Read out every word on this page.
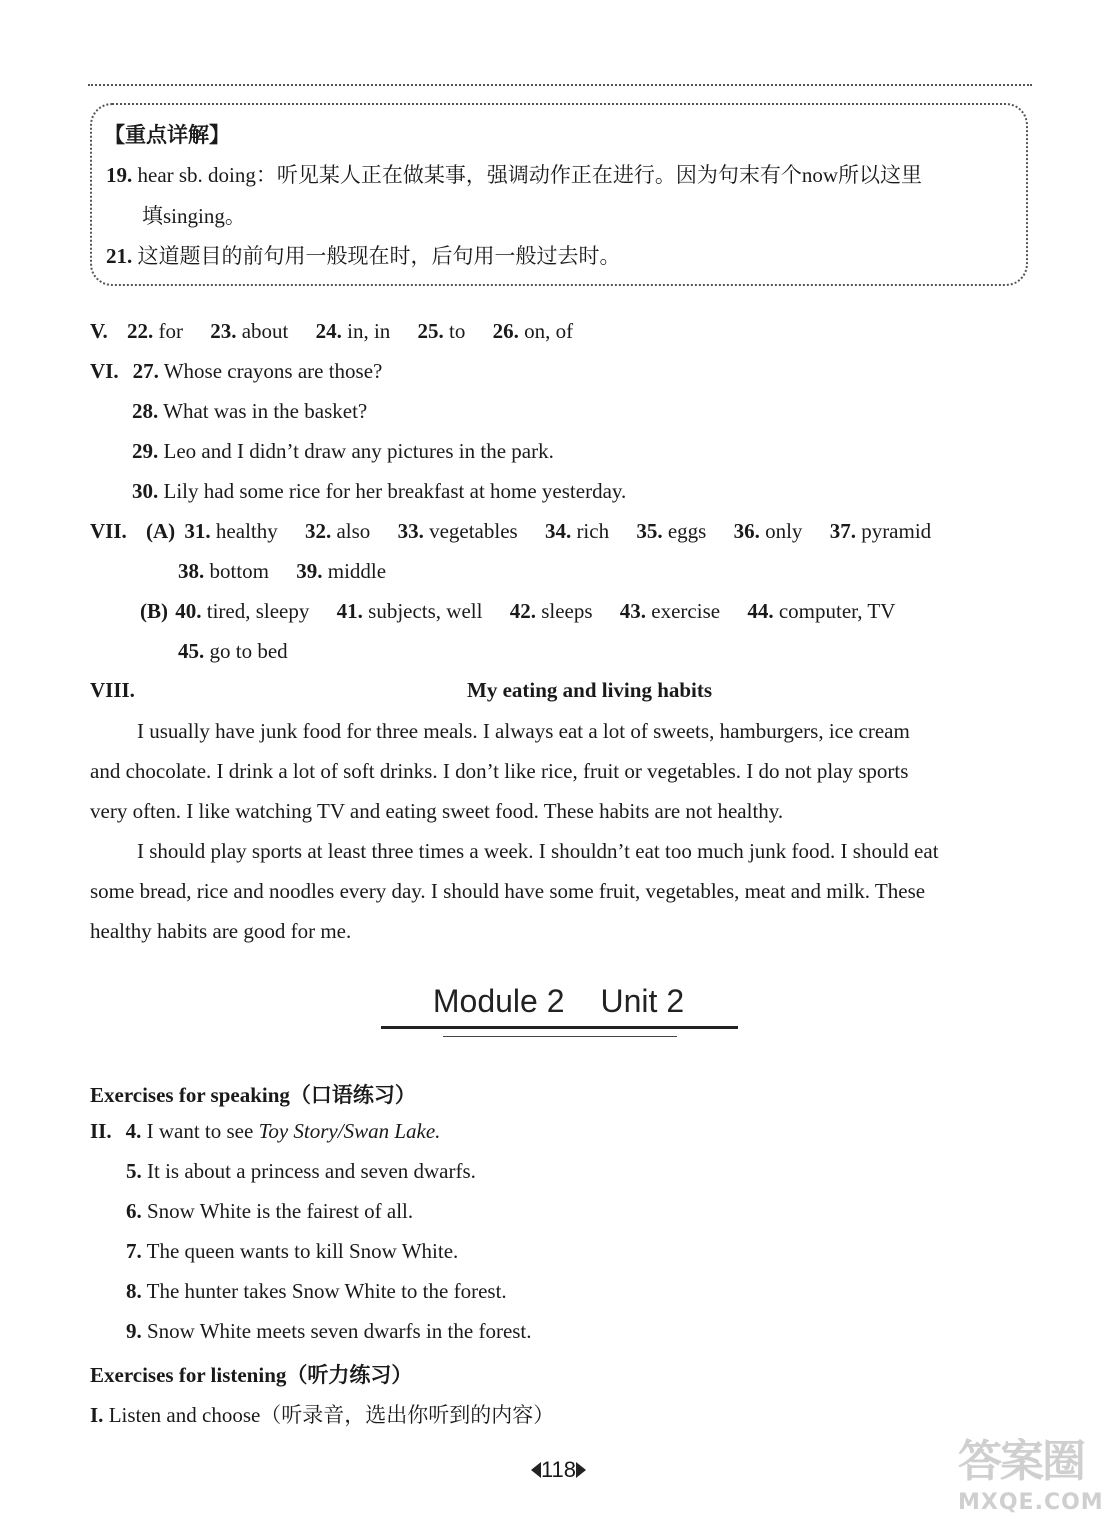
【重点详解】
19. hear sb. doing：听见某人正在做某事，强调动作正在进行。因为句末有个now所以这里
填singing。
21. 这道题目的前句用一般现在时，后句用一般过去时。
V. 22. for 23. about 24. in, in 25. to 26. on, of
VI. 27. Whose crayons are those?
28. What was in the basket?
29. Leo and I didn’t draw any pictures in the park.
30. Lily had some rice for her breakfast at home yesterday.
VII. (A) 31. healthy 32. also 33. vegetables 34. rich 35. eggs 36. only 37. pyramid
38. bottom 39. middle
(B) 40. tired, sleepy 41. subjects, well 42. sleeps 43. exercise 44. computer, TV
45. go to bed
VIII.	My eating and living habits
I usually have junk food for three meals. I always eat a lot of sweets, hamburgers, ice cream
and chocolate. I drink a lot of soft drinks. I don’t like rice, fruit or vegetables. I do not play sports
very often. I like watching TV and eating sweet food. These habits are not healthy.
I should play sports at least three times a week. I shouldn’t eat too much junk food. I should eat
some bread, rice and noodles every day. I should have some fruit, vegetables, meat and milk. These
healthy habits are good for me.
Module 2 Unit 2
Exercises for speaking（口语练习）
II. 4. I want to see Toy Story/Swan Lake.
5. It is about a princess and seven dwarfs.
6. Snow White is the fairest of all.
7. The queen wants to kill Snow White.
8. The hunter takes Snow White to the forest.
9. Snow White meets seven dwarfs in the forest.
Exercises for listening（听力练习）
I. Listen and choose（听录音，选出你听到的内容）
118	答案圈
MXQE.COM
